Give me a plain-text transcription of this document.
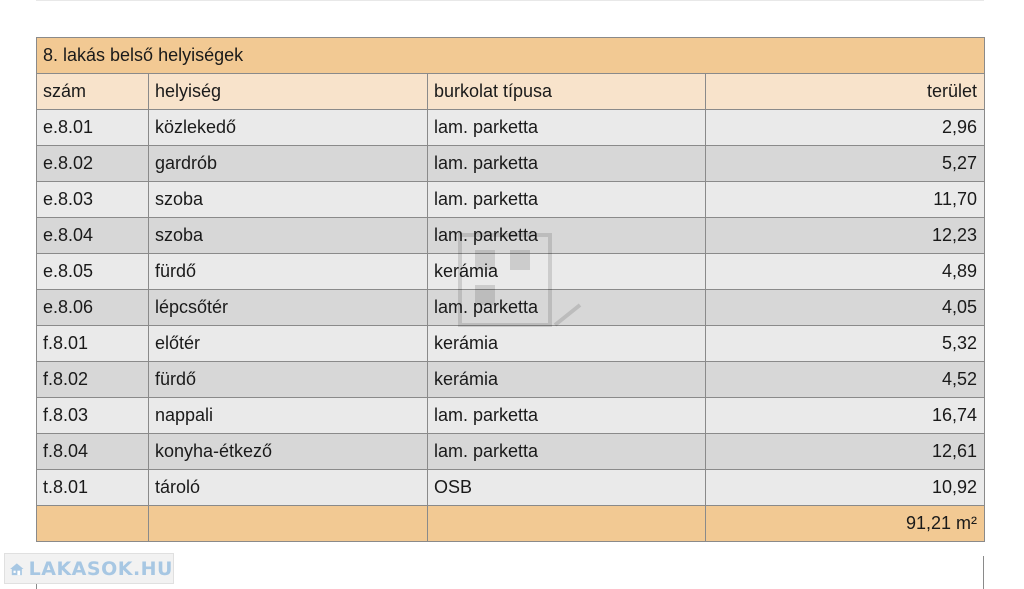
8. lakás belső helyiségek			
szám	helyiség	burkolat típusa	terület
e.8.01	közlekedő	lam. parketta	2,96
e.8.02	gardrób	lam. parketta	5,27
e.8.03	szoba	lam. parketta	11,70
e.8.04	szoba	lam. parketta	12,23
e.8.05	fürdő	kerámia	4,89
e.8.06	lépcsőtér	lam. parketta	4,05
f.8.01	előtér	kerámia	5,32
f.8.02	fürdő	kerámia	4,52
f.8.03	nappali	lam. parketta	16,74
f.8.04	konyha-étkező	lam. parketta	12,61
t.8.01	tároló	OSB	10,92
			91,21 m²
LAKASOK.HU
